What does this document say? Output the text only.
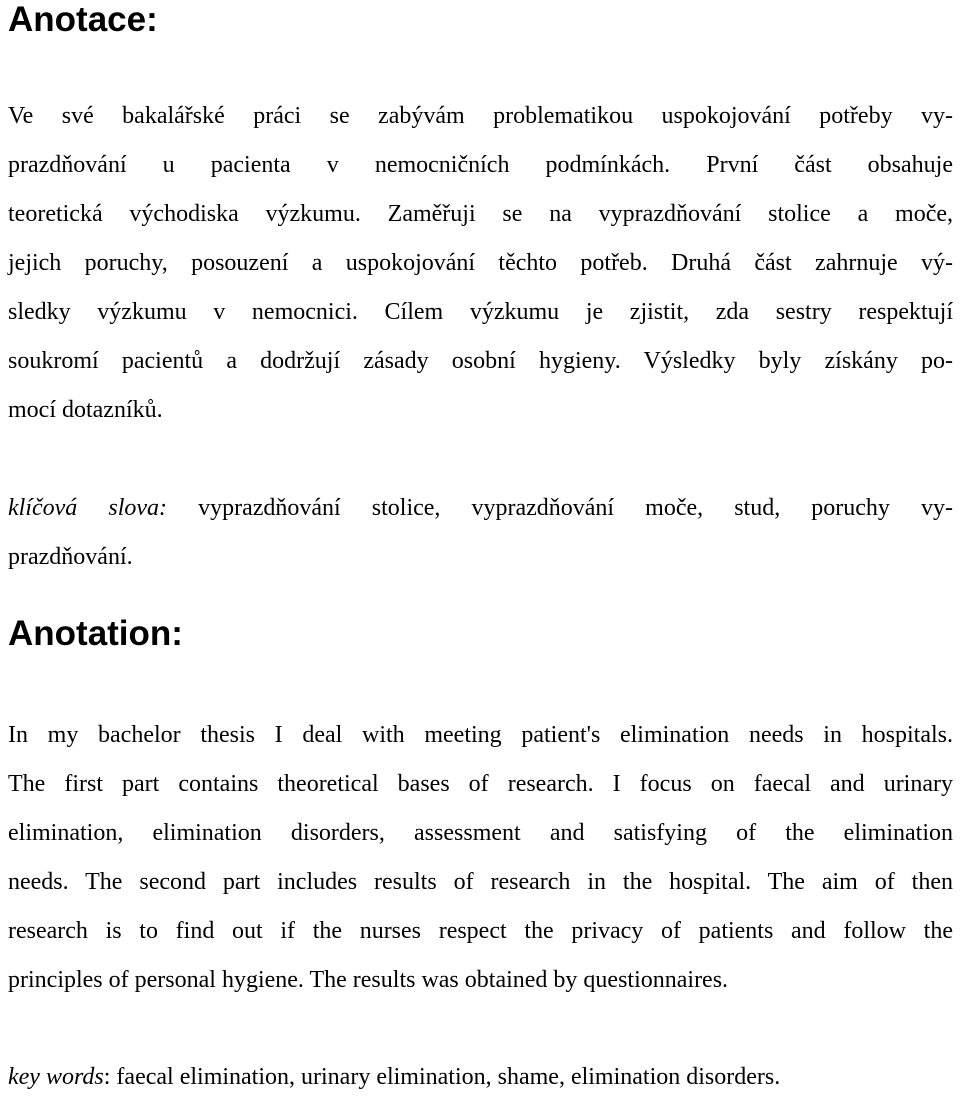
Anotace:
Ve své bakalářské práci se zabývám problematikou uspokojování potřeby vy-
prazdňování u pacienta v nemocničních podmínkách. První část obsahuje
teoretická východiska výzkumu. Zaměřuji se na vyprazdňování stolice a moče,
jejich poruchy, posouzení a uspokojování těchto potřeb. Druhá část zahrnuje vý-
sledky výzkumu v nemocnici. Cílem výzkumu je zjistit, zda sestry respektují
soukromí pacientů a dodržují zásady osobní hygieny. Výsledky byly získány po-
mocí dotazníků.
klíčová slova: vyprazdňování stolice, vyprazdňování moče, stud, poruchy vy-
prazdňování.
Anotation:
In my bachelor thesis I deal with meeting patient's elimination needs in hospitals.
The first part contains theoretical bases of research. I focus on faecal and urinary
elimination, elimination disorders, assessment and satisfying of the elimination
needs. The second part includes results of research in the hospital. The aim of then
research is to find out if the nurses respect the privacy of patients and follow the
principles of personal hygiene. The results was obtained by questionnaires.
key words: faecal elimination, urinary elimination, shame, elimination disorders.
